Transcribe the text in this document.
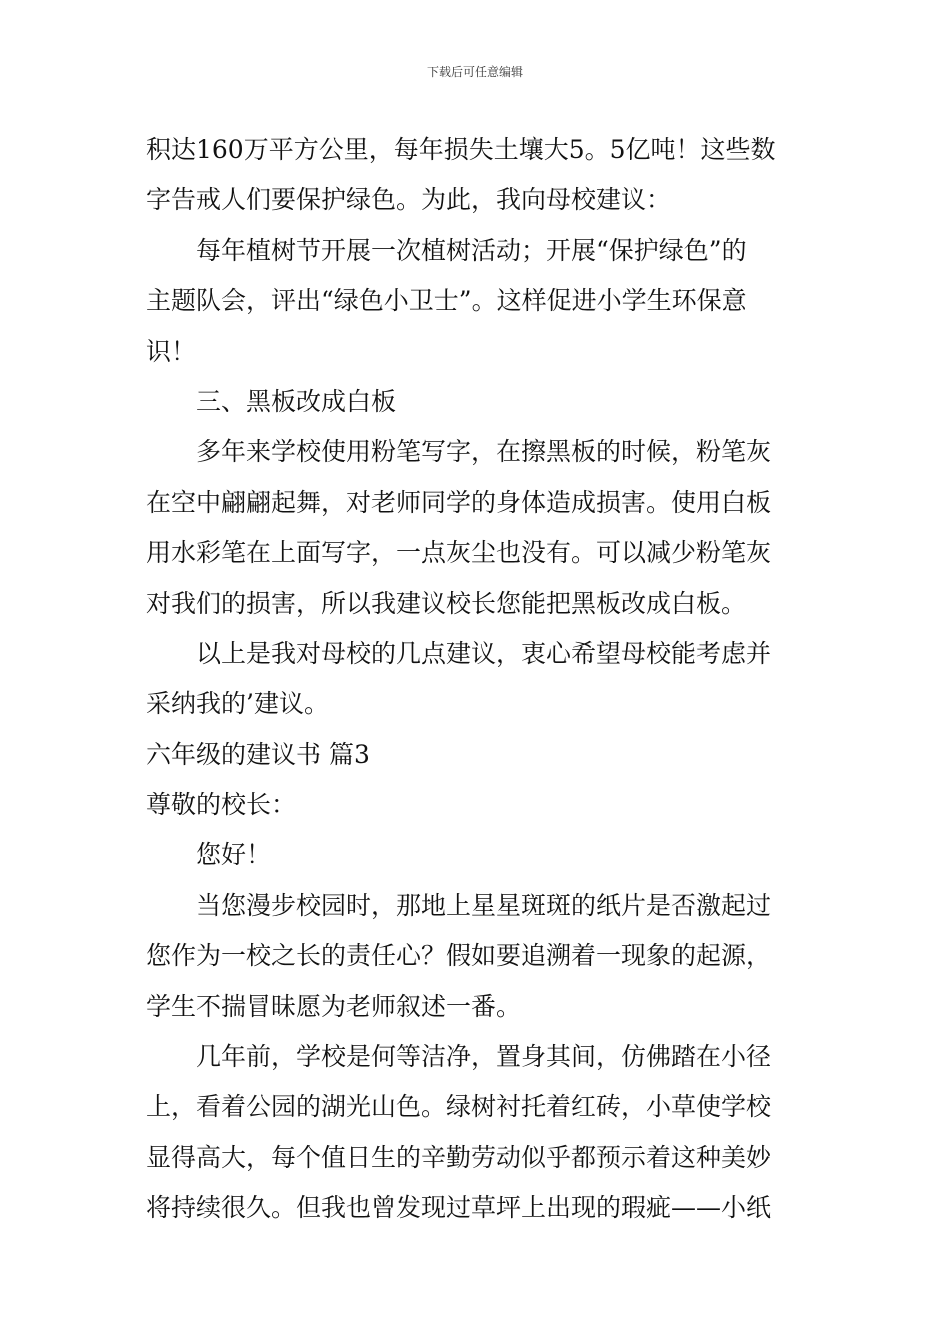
下载后可任意编辑
积达160万平方公里，每年损失土壤大5。5亿吨！这些数
字告戒人们要保护绿色。为此，我向母校建议：
每年植树节开展一次植树活动；开展“保护绿色”的
主题队会，评出“绿色小卫士”。这样促进小学生环保意
识！
三、黑板改成白板
多年来学校使用粉笔写字，在擦黑板的时候，粉笔灰
在空中翩翩起舞，对老师同学的身体造成损害。使用白板
用水彩笔在上面写字，一点灰尘也没有。可以减少粉笔灰
对我们的损害，所以我建议校长您能把黑板改成白板。
以上是我对母校的几点建议，衷心希望母校能考虑并
采纳我的’建议。
六年级的建议书 篇3
尊敬的校长：
您好！
当您漫步校园时，那地上星星斑斑的纸片是否激起过
您作为一校之长的责任心？假如要追溯着一现象的起源，
学生不揣冒昧愿为老师叙述一番。
几年前，学校是何等洁净，置身其间，仿佛踏在小径
上，看着公园的湖光山色。绿树衬托着红砖，小草使学校
显得高大，每个值日生的辛勤劳动似乎都预示着这种美妙
将持续很久。但我也曾发现过草坪上出现的瑕疵——小纸
